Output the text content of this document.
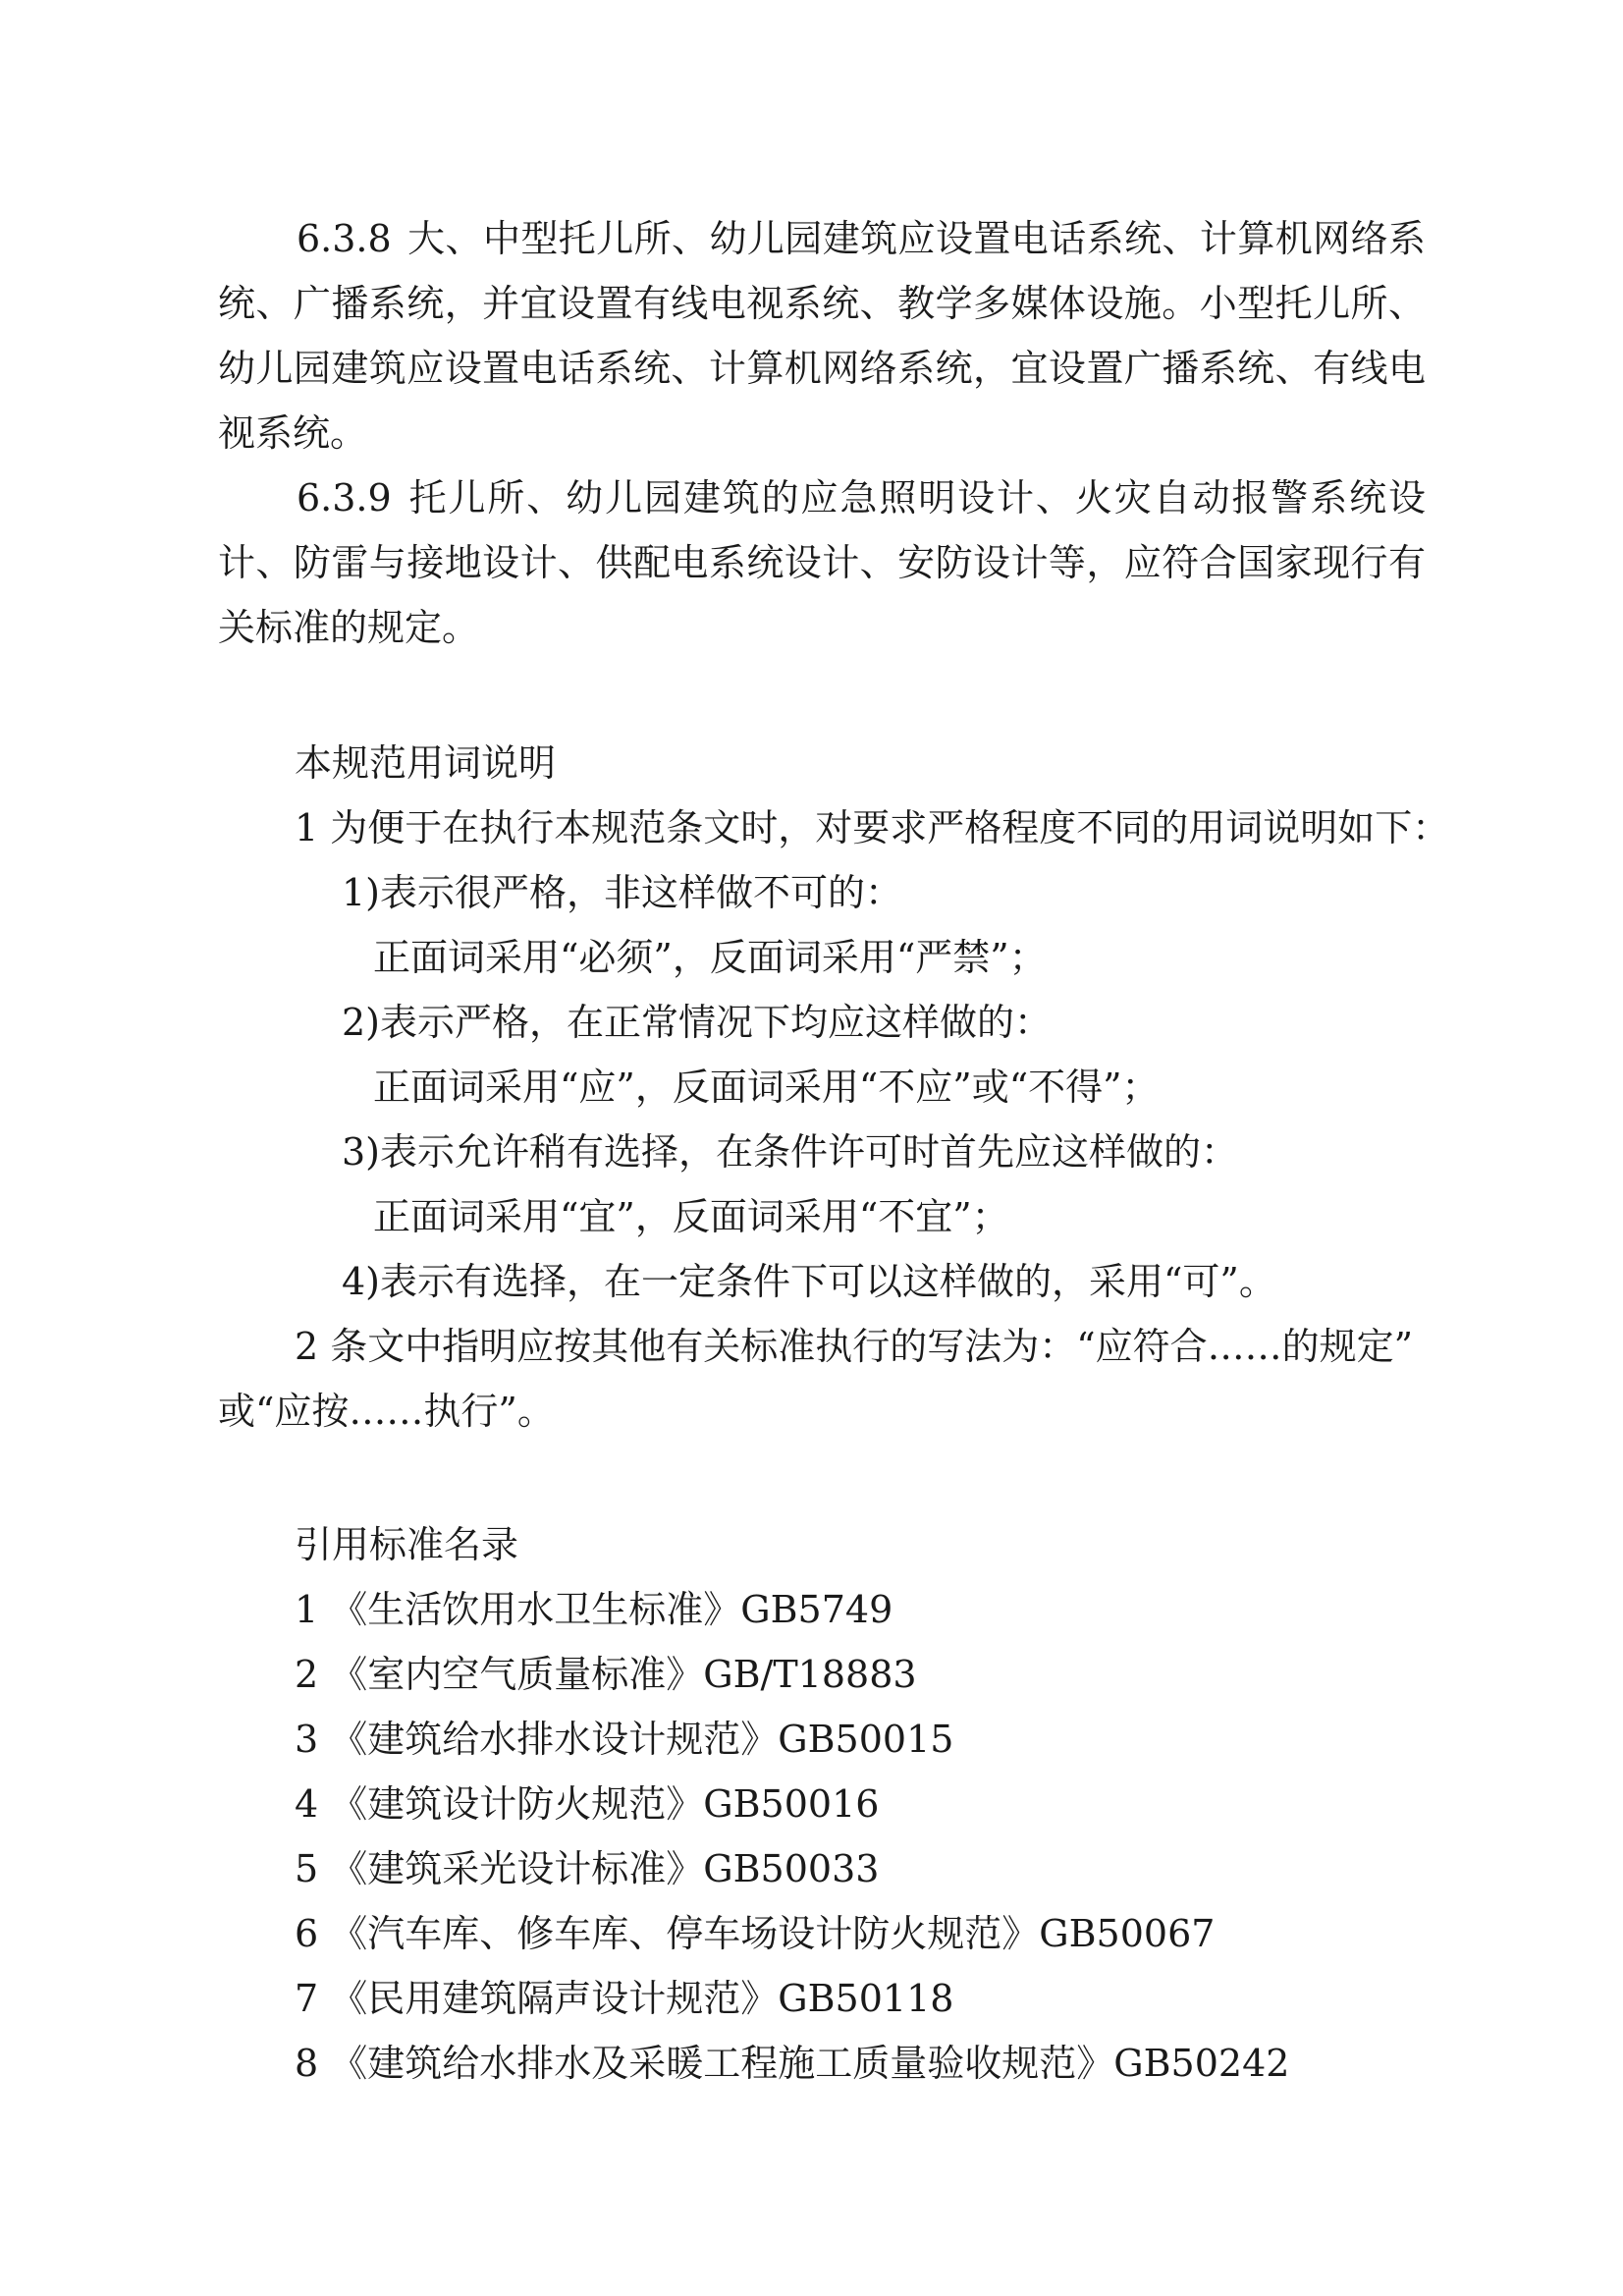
6.3.8 大、中型托儿所、幼儿园建筑应设置电话系统、计算机网络系统、广播系统，并宜设置有线电视系统、教学多媒体设施。小型托儿所、幼儿园建筑应设置电话系统、计算机网络系统，宜设置广播系统、有线电视系统。

6.3.9 托儿所、幼儿园建筑的应急照明设计、火灾自动报警系统设计、防雷与接地设计、供配电系统设计、安防设计等，应符合国家现行有关标准的规定。

本规范用词说明
1 为便于在执行本规范条文时，对要求严格程度不同的用词说明如下：
1)表示很严格，非这样做不可的：
正面词采用“必须”，反面词采用“严禁”；
2)表示严格，在正常情况下均应这样做的：
正面词采用“应”，反面词采用“不应”或“不得”；
3)表示允许稍有选择，在条件许可时首先应这样做的：
正面词采用“宜”，反面词采用“不宜”；
4)表示有选择，在一定条件下可以这样做的，采用“可”。
2 条文中指明应按其他有关标准执行的写法为：“应符合……的规定”
或“应按……执行”。
引用标准名录
1 《生活饮用水卫生标准》GB5749
2 《室内空气质量标准》GB/T18883
3 《建筑给水排水设计规范》GB50015
4 《建筑设计防火规范》GB50016
5 《建筑采光设计标准》GB50033
6 《汽车库、修车库、停车场设计防火规范》GB50067
7 《民用建筑隔声设计规范》GB50118
8 《建筑给水排水及采暖工程施工质量验收规范》GB50242
